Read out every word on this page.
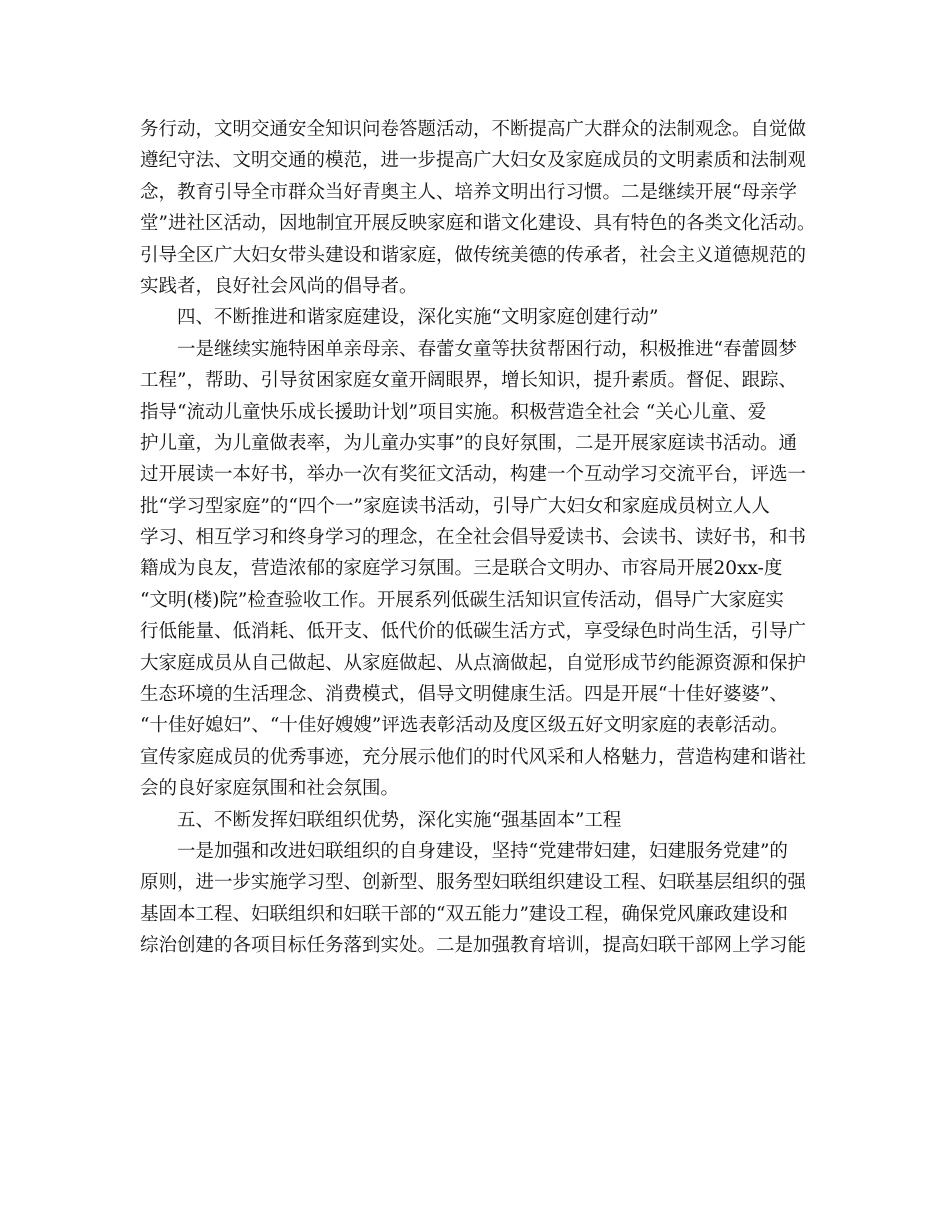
务行动，文明交通安全知识问卷答题活动，不断提高广大群众的法制观念。自觉做
遵纪守法、文明交通的模范，进一步提高广大妇女及家庭成员的文明素质和法制观
念，教育引导全市群众当好青奥主人、培养文明出行习惯。二是继续开展“母亲学
堂”进社区活动，因地制宜开展反映家庭和谐文化建设、具有特色的各类文化活动。
引导全区广大妇女带头建设和谐家庭，做传统美德的传承者，社会主义道德规范的
实践者，良好社会风尚的倡导者。
四、不断推进和谐家庭建设，深化实施“文明家庭创建行动”
一是继续实施特困单亲母亲、春蕾女童等扶贫帮困行动，积极推进“春蕾圆梦
工程”，帮助、引导贫困家庭女童开阔眼界，增长知识，提升素质。督促、跟踪、
指导“流动儿童快乐成长援助计划”项目实施。积极营造全社会 “关心儿童、爱
护儿童，为儿童做表率，为儿童办实事”的良好氛围，二是开展家庭读书活动。通
过开展读一本好书，举办一次有奖征文活动，构建一个互动学习交流平台，评选一
批“学习型家庭”的“四个一”家庭读书活动，引导广大妇女和家庭成员树立人人
学习、相互学习和终身学习的理念，在全社会倡导爱读书、会读书、读好书，和书
籍成为良友，营造浓郁的家庭学习氛围。三是联合文明办、市容局开展20xx-度
“文明(楼)院”检查验收工作。开展系列低碳生活知识宣传活动，倡导广大家庭实
行低能量、低消耗、低开支、低代价的低碳生活方式，享受绿色时尚生活，引导广
大家庭成员从自己做起、从家庭做起、从点滴做起，自觉形成节约能源资源和保护
生态环境的生活理念、消费模式，倡导文明健康生活。四是开展“十佳好婆婆”、
“十佳好媳妇”、“十佳好嫂嫂”评选表彰活动及度区级五好文明家庭的表彰活动。
宣传家庭成员的优秀事迹，充分展示他们的时代风采和人格魅力，营造构建和谐社
会的良好家庭氛围和社会氛围。
五、不断发挥妇联组织优势，深化实施“强基固本”工程
一是加强和改进妇联组织的自身建设，坚持“党建带妇建，妇建服务党建”的
原则，进一步实施学习型、创新型、服务型妇联组织建设工程、妇联基层组织的强
基固本工程、妇联组织和妇联干部的“双五能力”建设工程，确保党风廉政建设和
综治创建的各项目标任务落到实处。二是加强教育培训，提高妇联干部网上学习能
